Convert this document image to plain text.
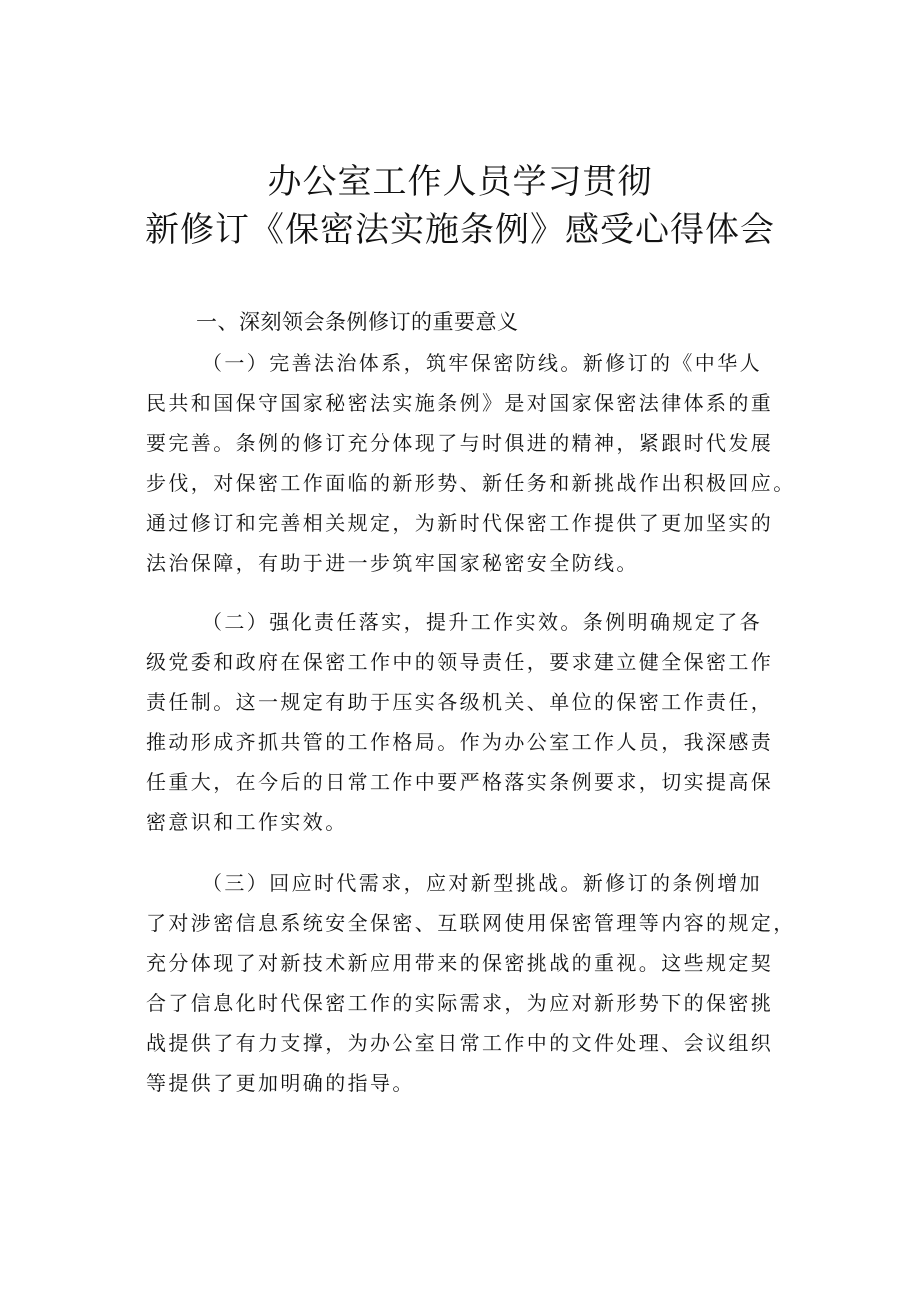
办公室工作人员学习贯彻
新修订《保密法实施条例》感受心得体会
一、深刻领会条例修订的重要意义
（一）完善法治体系，筑牢保密防线。新修订的《中华人
民共和国保守国家秘密法实施条例》是对国家保密法律体系的重
要完善。条例的修订充分体现了与时俱进的精神，紧跟时代发展
步伐，对保密工作面临的新形势、新任务和新挑战作出积极回应。
通过修订和完善相关规定，为新时代保密工作提供了更加坚实的
法治保障，有助于进一步筑牢国家秘密安全防线。
（二）强化责任落实，提升工作实效。条例明确规定了各
级党委和政府在保密工作中的领导责任，要求建立健全保密工作
责任制。这一规定有助于压实各级机关、单位的保密工作责任，
推动形成齐抓共管的工作格局。作为办公室工作人员，我深感责
任重大，在今后的日常工作中要严格落实条例要求，切实提高保
密意识和工作实效。
（三）回应时代需求，应对新型挑战。新修订的条例增加
了对涉密信息系统安全保密、互联网使用保密管理等内容的规定，
充分体现了对新技术新应用带来的保密挑战的重视。这些规定契
合了信息化时代保密工作的实际需求，为应对新形势下的保密挑
战提供了有力支撑，为办公室日常工作中的文件处理、会议组织
等提供了更加明确的指导。
